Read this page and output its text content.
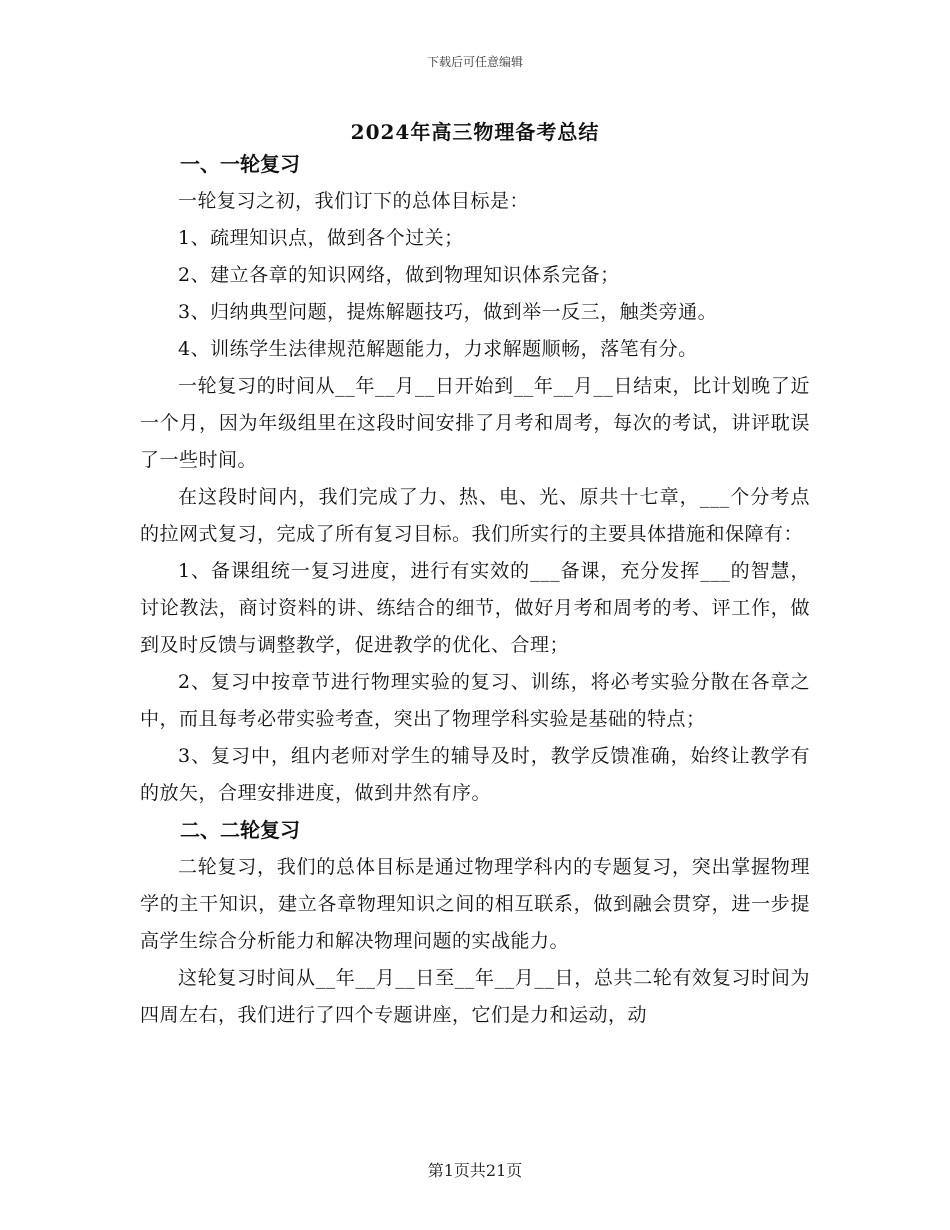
下载后可任意编辑
2024年高三物理备考总结
一、一轮复习

一轮复习之初，我们订下的总体目标是：

1、疏理知识点，做到各个过关；

2、建立各章的知识网络，做到物理知识体系完备；

3、归纳典型问题，提炼解题技巧，做到举一反三，触类旁通。

4、训练学生法律规范解题能力，力求解题顺畅，落笔有分。

一轮复习的时间从__年__月__日开始到__年__月__日结束，比计划晚了近一个月，因为年级组里在这段时间安排了月考和周考，每次的考试，讲评耽误了一些时间。

在这段时间内，我们完成了力、热、电、光、原共十七章，___个分考点的拉网式复习，完成了所有复习目标。我们所实行的主要具体措施和保障有：

1、备课组统一复习进度，进行有实效的___备课，充分发挥___的智慧，讨论教法，商讨资料的讲、练结合的细节，做好月考和周考的考、评工作，做到及时反馈与调整教学，促进教学的优化、合理；

2、复习中按章节进行物理实验的复习、训练，将必考实验分散在各章之中，而且每考必带实验考查，突出了物理学科实验是基础的特点；

3、复习中，组内老师对学生的辅导及时，教学反馈准确，始终让教学有的放矢，合理安排进度，做到井然有序。

二、二轮复习

二轮复习，我们的总体目标是通过物理学科内的专题复习，突出掌握物理学的主干知识，建立各章物理知识之间的相互联系，做到融会贯穿，进一步提高学生综合分析能力和解决物理问题的实战能力。

这轮复习时间从__年__月__日至__年__月__日，总共二轮有效复习时间为四周左右，我们进行了四个专题讲座，它们是力和运动，动

第1页共21页
